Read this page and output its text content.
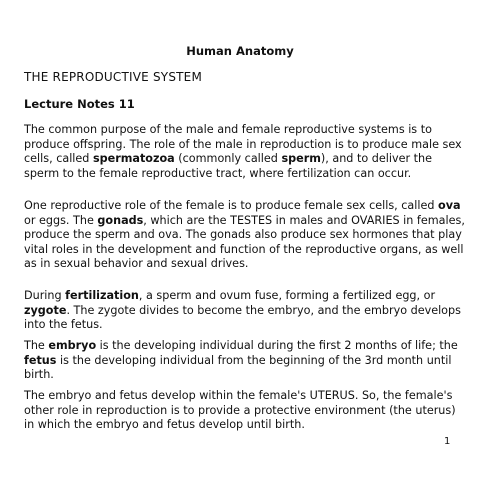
Human Anatomy
THE REPRODUCTIVE SYSTEM
Lecture Notes 11

The common purpose of the male and female reproductive systems is to produce offspring. The role of the male in reproduction is to produce male sex cells, called spermatozoa (commonly called sperm), and to deliver the sperm to the female reproductive tract, where fertilization can occur.

One reproductive role of the female is to produce female sex cells, called ova or eggs. The gonads, which are the TESTES in males and OVARIES in females, produce the sperm and ova. The gonads also produce sex hormones that play vital roles in the development and function of the reproductive organs, as well as in sexual behavior and sexual drives.

During fertilization, a sperm and ovum fuse, forming a fertilized egg, or zygote. The zygote divides to become the embryo, and the embryo develops into the fetus.

The embryo is the developing individual during the first 2 months of life; the fetus is the developing individual from the beginning of the 3rd month until birth.

The embryo and fetus develop within the female's UTERUS. So, the female's other role in reproduction is to provide a protective environment (the uterus) in which the embryo and fetus develop until birth.

1
